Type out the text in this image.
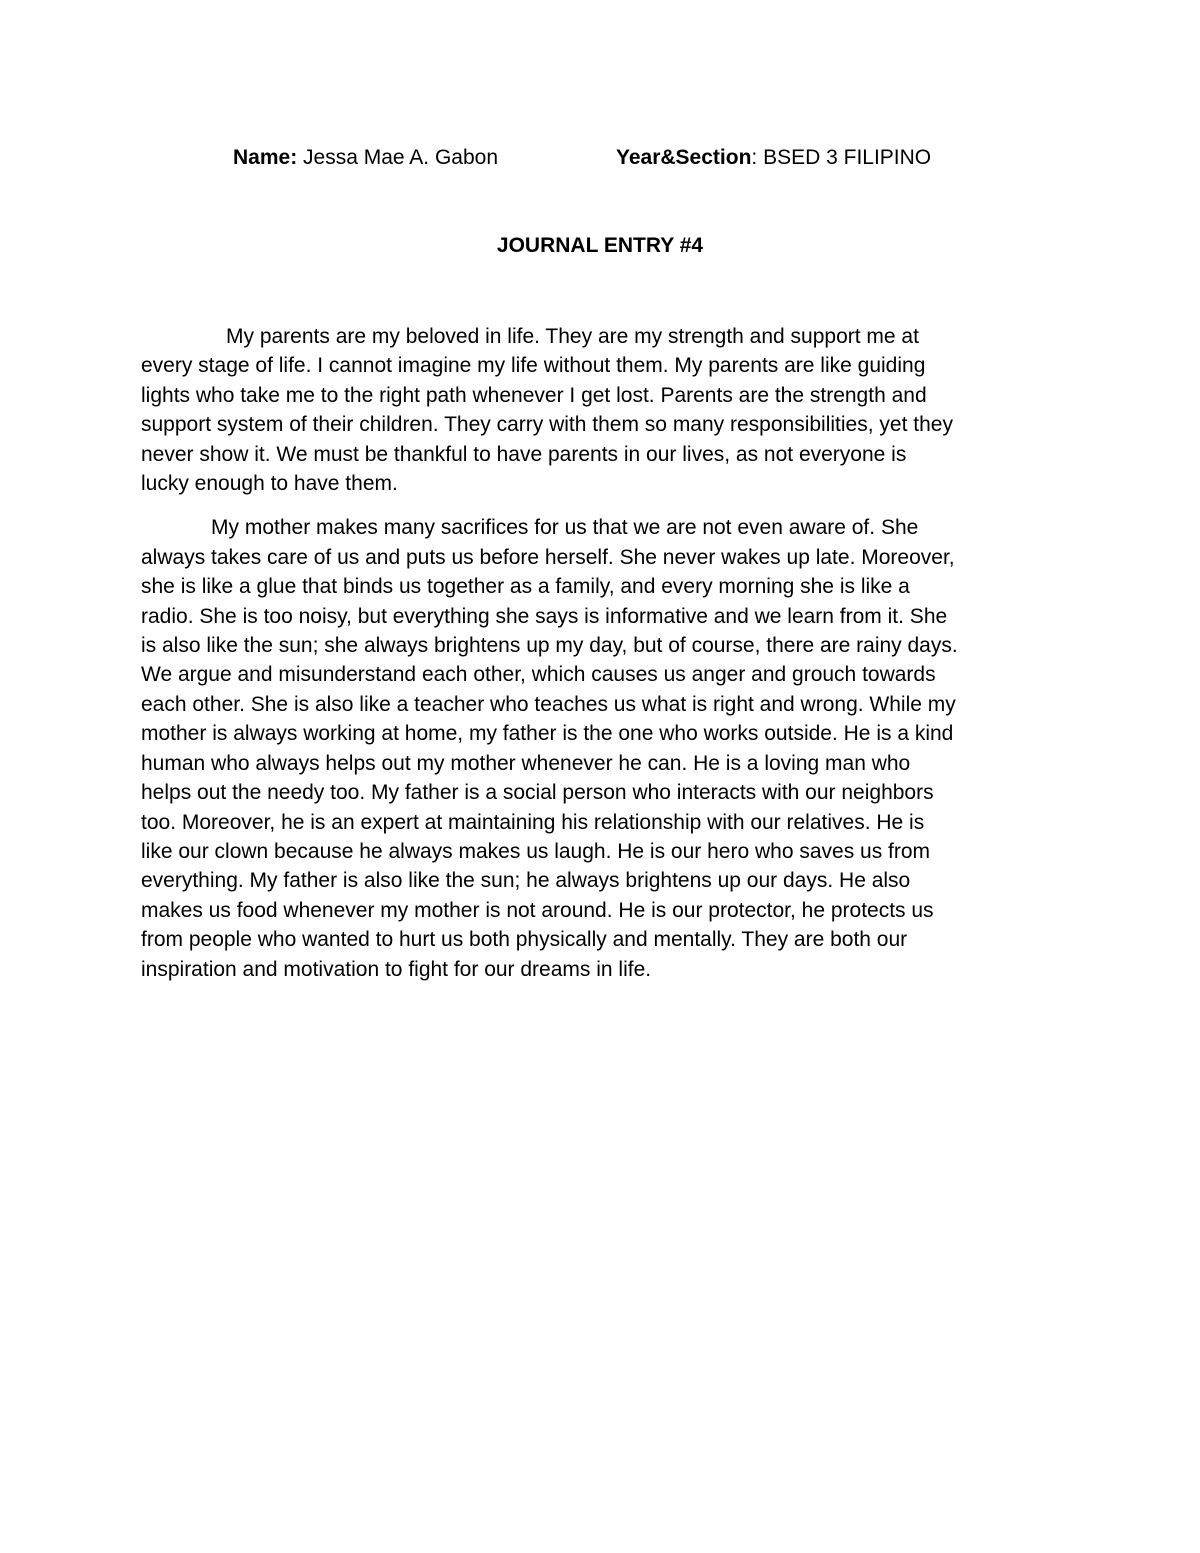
Name: Jessa Mae A. Gabon	Year&Section: BSED 3 FILIPINO
JOURNAL ENTRY #4

My parents are my beloved in life. They are my strength and support me at
every stage of life. I cannot imagine my life without them. My parents are like guiding
lights who take me to the right path whenever I get lost. Parents are the strength and
support system of their children. They carry with them so many responsibilities, yet they
never show it. We must be thankful to have parents in our lives, as not everyone is
lucky enough to have them.

My mother makes many sacrifices for us that we are not even aware of. She
always takes care of us and puts us before herself. She never wakes up late. Moreover,
she is like a glue that binds us together as a family, and every morning she is like a
radio. She is too noisy, but everything she says is informative and we learn from it. She
is also like the sun; she always brightens up my day, but of course, there are rainy days.
We argue and misunderstand each other, which causes us anger and grouch towards
each other. She is also like a teacher who teaches us what is right and wrong. While my
mother is always working at home, my father is the one who works outside. He is a kind
human who always helps out my mother whenever he can. He is a loving man who
helps out the needy too. My father is a social person who interacts with our neighbors
too. Moreover, he is an expert at maintaining his relationship with our relatives. He is
like our clown because he always makes us laugh. He is our hero who saves us from
everything. My father is also like the sun; he always brightens up our days. He also
makes us food whenever my mother is not around. He is our protector, he protects us
from people who wanted to hurt us both physically and mentally. They are both our
inspiration and motivation to fight for our dreams in life.
